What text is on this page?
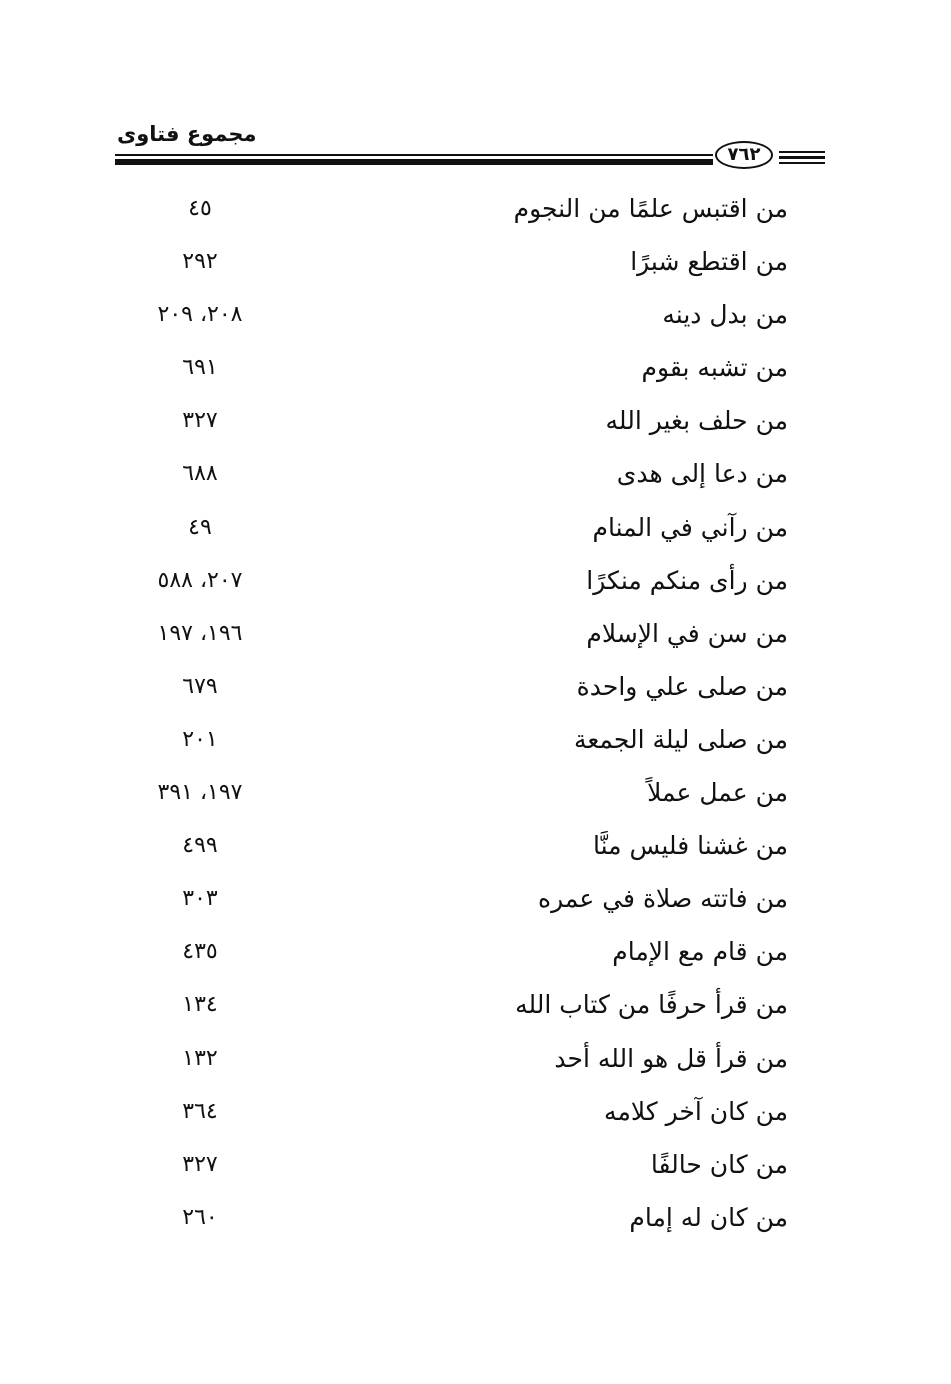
مجموع فتاوى
٧٦٢
من اقتبس علمًا من النجوم
٤٥
من اقتطع شبرًا
٢٩٢
من بدل دينه
٢٠٨، ٢٠٩
من تشبه بقوم
٦٩١
من حلف بغير الله
٣٢٧
من دعا إلى هدى
٦٨٨
من رآني في المنام
٤٩
من رأى منكم منكرًا
٢٠٧، ٥٨٨
من سن في الإسلام
١٩٦، ١٩٧
من صلى علي واحدة
٦٧٩
من صلى ليلة الجمعة
٢٠١
من عمل عملاً
١٩٧، ٣٩١
من غشنا فليس منَّا
٤٩٩
من فاتته صلاة في عمره
٣٠٣
من قام مع الإمام
٤٣٥
من قرأ حرفًا من كتاب الله
١٣٤
من قرأ قل هو الله أحد
١٣٢
من كان آخر كلامه
٣٦٤
من كان حالفًا
٣٢٧
من كان له إمام
٢٦٠
